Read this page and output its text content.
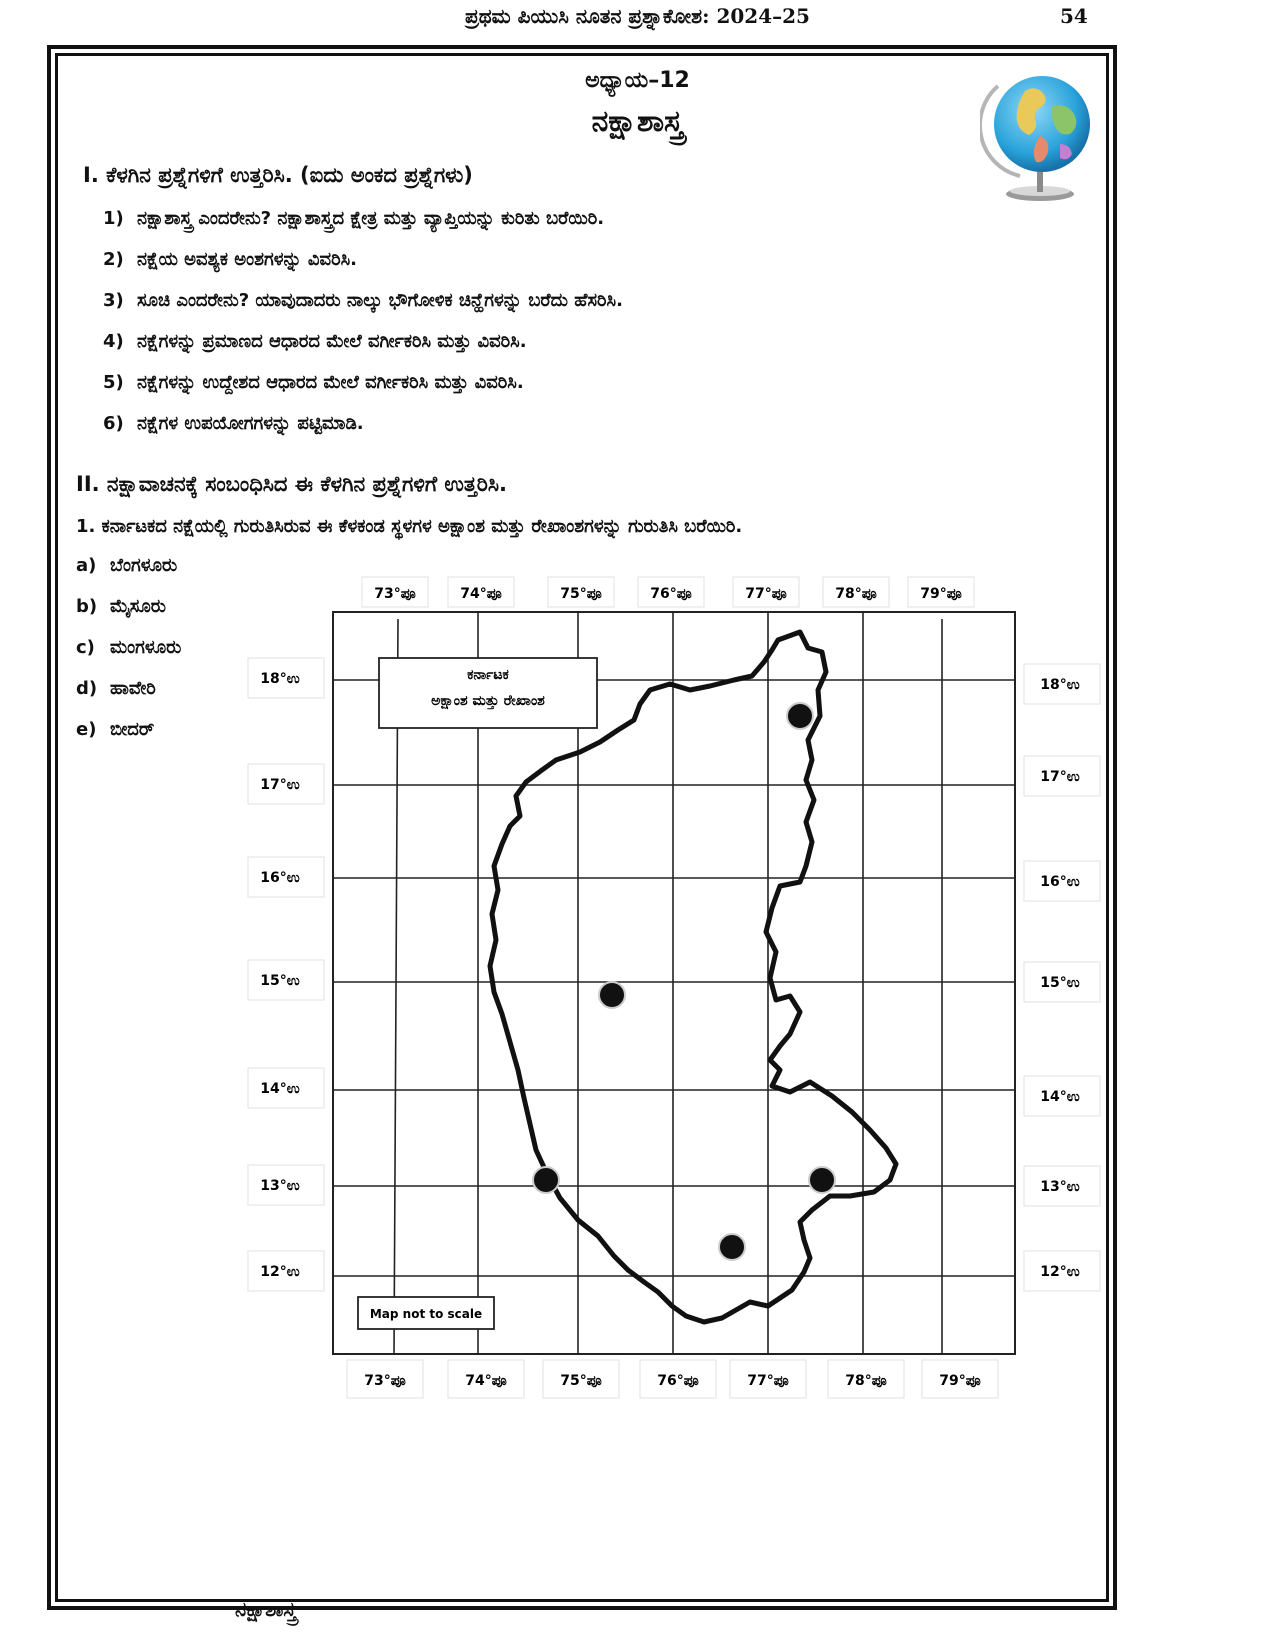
ಪ್ರಥಮ ಪಿಯುಸಿ ನೂತನ ಪ್ರಶ್ನಾಕೋಶ: 2024–25	54
ಅಧ್ಯಾಯ–12
ನಕ್ಷಾಶಾಸ್ತ್ರ
I. ಕೆಳಗಿನ ಪ್ರಶ್ನೆಗಳಿಗೆ ಉತ್ತರಿಸಿ. (ಐದು ಅಂಕದ ಪ್ರಶ್ನೆಗಳು)
1) ನಕ್ಷಾಶಾಸ್ತ್ರ ಎಂದರೇನು? ನಕ್ಷಾಶಾಸ್ತ್ರದ ಕ್ಷೇತ್ರ ಮತ್ತು ವ್ಯಾಪ್ತಿಯನ್ನು ಕುರಿತು ಬರೆಯಿರಿ.
2) ನಕ್ಷೆಯ ಅವಶ್ಯಕ ಅಂಶಗಳನ್ನು ವಿವರಿಸಿ.
3) ಸೂಚಿ ಎಂದರೇನು? ಯಾವುದಾದರು ನಾಲ್ಕು ಭೌಗೋಳಿಕ ಚಿನ್ಹೆಗಳನ್ನು ಬರೆದು ಹೆಸರಿಸಿ.
4) ನಕ್ಷೆಗಳನ್ನು ಪ್ರಮಾಣದ ಆಧಾರದ ಮೇಲೆ ವರ್ಗೀಕರಿಸಿ ಮತ್ತು ವಿವರಿಸಿ.
5) ನಕ್ಷೆಗಳನ್ನು ಉದ್ದೇಶದ ಆಧಾರದ ಮೇಲೆ ವರ್ಗೀಕರಿಸಿ ಮತ್ತು ವಿವರಿಸಿ.
6) ನಕ್ಷೆಗಳ ಉಪಯೋಗಗಳನ್ನು ಪಟ್ಟಿಮಾಡಿ.
II. ನಕ್ಷಾವಾಚನಕ್ಕೆ ಸಂಬಂಧಿಸಿದ ಈ ಕೆಳಗಿನ ಪ್ರಶ್ನೆಗಳಿಗೆ ಉತ್ತರಿಸಿ.
1. ಕರ್ನಾಟಕದ ನಕ್ಷೆಯಲ್ಲಿ ಗುರುತಿಸಿರುವ ಈ ಕೆಳಕಂಡ ಸ್ಥಳಗಳ ಅಕ್ಷಾಂಶ ಮತ್ತು ರೇಖಾಂಶಗಳನ್ನು ಗುರುತಿಸಿ ಬರೆಯಿರಿ.
a) ಬೆಂಗಳೂರು
b) ಮೈಸೂರು
c) ಮಂಗಳೂರು
d) ಹಾವೇರಿ
e) ಬೀದರ್
ಕರ್ನಾಟಕ
ಅಕ್ಷಾಂಶ ಮತ್ತು ರೇಖಾಂಶ
Map not to scale
73°ಪೂ	74°ಪೂ	75°ಪೂ	76°ಪೂ	77°ಪೂ	78°ಪೂ	79°ಪೂ
73°ಪೂ	74°ಪೂ	75°ಪೂ	76°ಪೂ	77°ಪೂ	78°ಪೂ	79°ಪೂ
18°ಉ
17°ಉ
16°ಉ
15°ಉ
14°ಉ
13°ಉ
12°ಉ
18°ಉ
17°ಉ
16°ಉ
15°ಉ
14°ಉ
13°ಉ
12°ಉ
ನಕ್ಷಾಶಾಸ್ತ್ರ
